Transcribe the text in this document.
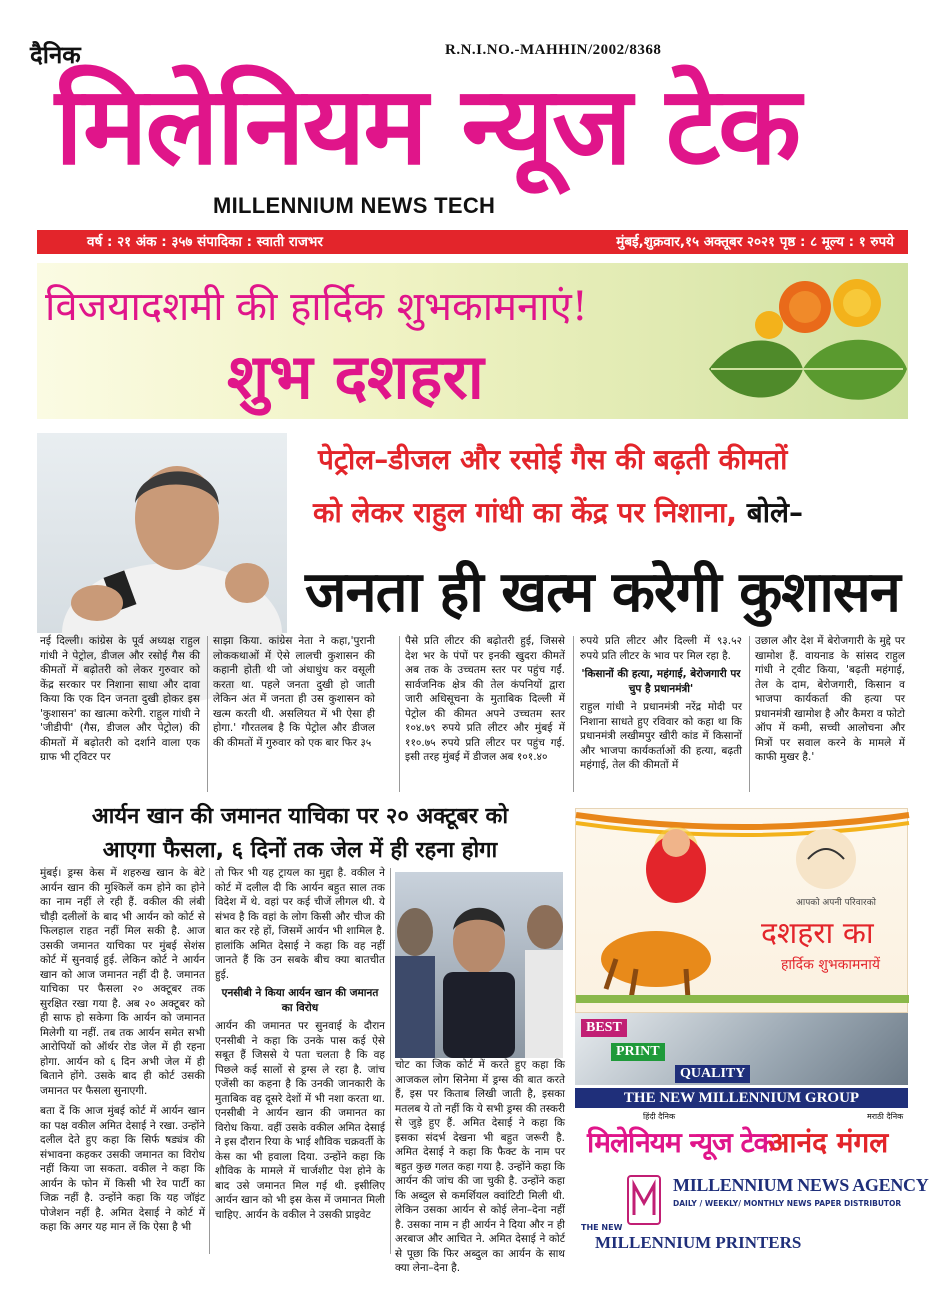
दैनिक	R.N.I.NO.-MAHHIN/2002/8368
मिलेनियम न्यूज टेक
MILLENNIUM NEWS TECH
वर्ष : २१ अंक : ३५७ संपादिका : स्वाती राजभर	मुंबई,शुक्रवार,१५ अक्तूबर २०२१ पृष्ठ : ८ मूल्य : १ रुपये
विजयादशमी की हार्दिक शुभकामनाएं!
शुभ दशहरा
पेट्रोल–डीजल और रसोई गैस की बढ़ती कीमतों
को लेकर राहुल गांधी का केंद्र पर निशाना, बोले–
जनता ही खत्म करेगी कुशासन

नई दिल्ली। कांग्रेस के पूर्व अध्यक्ष राहुल गांधी ने पेट्रोल, डीजल और रसोई गैस की कीमतों में बढ़ोतरी को लेकर गुरुवार को केंद्र सरकार पर निशाना साधा और दावा किया कि एक दिन जनता दुखी होकर इस 'कुशासन' का खात्मा करेगी. राहुल गांधी ने 'जीडीपी' (गैस, डीजल और पेट्रोल) की कीमतों में बढ़ोतरी को दर्शाने वाला एक ग्राफ भी ट्विटर पर

साझा किया. कांग्रेस नेता ने कहा,'पुरानी लोककथाओं में ऐसे लालची कुशासन की कहानी होती थी जो अंधाधुंध कर वसूली करता था. पहले जनता दुखी हो जाती लेकिन अंत में जनता ही उस कुशासन को खत्म करती थी. असलियत में भी ऐसा ही होगा.' गौरतलब है कि पेट्रोल और डीजल की कीमतों में गुरुवार को एक बार फिर ३५

पैसे प्रति लीटर की बढ़ोतरी हुई, जिससे देश भर के पंपों पर इनकी खुदरा कीमतें अब तक के उच्चतम स्तर पर पहुंच गईं. सार्वजनिक क्षेत्र की तेल कंपनियों द्वारा जारी अधिसूचना के मुताबिक दिल्ली में पेट्रोल की कीमत अपने उच्चतम स्तर १०४.७९ रुपये प्रति लीटर और मुंबई में ११०.७५ रुपये प्रति लीटर पर पहुंच गई. इसी तरह मुंबई में डीजल अब १०१.४०

रुपये प्रति लीटर और दिल्ली में ९३.५२ रुपये प्रति लीटर के भाव पर मिल रहा है.

'किसानों की हत्या, महंगाई, बेरोजगारी पर चुप है प्रधानमंत्री'

राहुल गांधी ने प्रधानमंत्री नरेंद्र मोदी पर निशाना साधते हुए रविवार को कहा था कि प्रधानमंत्री लखीमपुर खीरी कांड में किसानों और भाजपा कार्यकर्ताओं की हत्या, बढ़ती महंगाई, तेल की कीमतों में

उछाल और देश में बेरोजगारी के मुद्दे पर खामोश हैं. वायनाड के सांसद राहुल गांधी ने ट्वीट किया, 'बढ़ती महंगाई, तेल के दाम, बेरोजगारी, किसान व भाजपा कार्यकर्ता की हत्या पर प्रधानमंत्री खामोश है और कैमरा व फोटो ऑप में कमी, सच्ची आलोचना और मित्रों पर सवाल करने के मामले में काफी मुखर है.'

आर्यन खान की जमानत याचिका पर २० अक्टूबर को
आएगा फैसला, ६ दिनों तक जेल में ही रहना होगा

मुंबई। ड्रग्स केस में शहरुख खान के बेटे आर्यन खान की मुश्किलें कम होने का होने का नाम नहीं ले रही हैं. वकील की लंबी चौड़ी दलीलों के बाद भी आर्यन को कोर्ट से फिलहाल राहत नहीं मिल सकी है. आज उसकी जमानत याचिका पर मुंबई सेशंस कोर्ट में सुनवाई हुई. लेकिन कोर्ट ने आर्यन खान को आज जमानत नहीं दी है. जमानत याचिका पर फैसला २० अक्टूबर तक सुरक्षित रखा गया है. अब २० अक्टूबर को ही साफ हो सकेगा कि आर्यन को जमानत मिलेगी या नहीं. तब तक आर्यन समेत सभी आरोपियों को ऑर्थर रोड जेल में ही रहना होगा. आर्यन को ६ दिन अभी जेल में ही बिताने होंगे. उसके बाद ही कोर्ट उसकी जमानत पर फैसला सुनाएगी.

बता दें कि आज मुंबई कोर्ट में आर्यन खान का पक्ष वकील अमित देसाई ने रखा. उन्होंने दलील देते हुए कहा कि सिर्फ षड्यंत्र की संभावना कहकर उसकी जमानत का विरोध नहीं किया जा सकता. वकील ने कहा कि आर्यन के फोन में किसी भी रेव पार्टी का जिक्र नहीं है. उन्होंने कहा कि यह जॉइंट पोजेशन नहीं है. अमित देसाई ने कोर्ट में कहा कि अगर यह मान लें कि ऐसा है भी

तो फिर भी यह ट्रायल का मुद्दा है. वकील ने कोर्ट में दलील दी कि आर्यन बहुत साल तक विदेश में थे. वहां पर कई चीजें लीगल थी. ये संभव है कि वहां के लोग किसी और चीज की बात कर रहे हों, जिसमें आर्यन भी शामिल है. हालांकि अमित देसाई ने कहा कि वह नहीं जानते हैं कि उन सबके बीच क्या बातचीत हुई.

एनसीबी ने किया आर्यन खान की जमानत का विरोध

आर्यन की जमानत पर सुनवाई के दौरान एनसीबी ने कहा कि उनके पास कई ऐसे सबूत हैं जिससे ये पता चलता है कि वह पिछले कई सालों से ड्रग्स ले रहा है. जांच एजेंसी का कहना है कि उनकी जानकारी के मुताबिक वह दूसरे देशों में भी नशा करता था. एनसीबी ने आर्यन खान की जमानत का विरोध किया. वहीं उसके वकील अमित देसाई ने इस दौरान रिया के भाई शौविक चक्रवर्ती के केस का भी हवाला दिया. उन्होंने कहा कि शौविक के मामले में चार्जशीट पेश होने के बाद उसे जमानत मिल गई थी. इसीलिए आर्यन खान को भी इस केस में जमानत मिली चाहिए. आर्यन के वकील ने उसकी प्राइवेट

चोट का जिक कोर्ट में करते हुए कहा कि आजकल लोग सिनेमा में ड्रग्स की बात करते हैं, इस पर किताब लिखी जाती है, इसका मतलब ये तो नहीं कि ये सभी ड्रग्स की तस्करी से जुड़े हुए हैं. अमित देसाई ने कहा कि इसका संदर्भ देखना भी बहुत जरूरी है. अमित देसाई ने कहा कि फैक्ट के नाम पर बहुत कुछ गलत कहा गया है. उन्होंने कहा कि आर्यन की जांच की जा चुकी है. उन्होंने कहा कि अब्दुल से कमर्शियल क्वांटिटी मिली थी. लेकिन उसका आर्यन से कोई लेना–देना नहीं है. उसका नाम न ही आर्यन ने दिया और न ही अरबाज और आचित ने. अमित देसाई ने कोर्ट से पूछा कि फिर अब्दुल का आर्यन के साथ क्या लेना–देना है.

आपको अपनी परिवारको
दशहरा का
हार्दिक शुभकामनायें
BEST
PRINT
QUALITY
THE NEW MILLENNIUM GROUP
हिंदी दैनिक	मराठी दैनिक
मिलेनियम न्यूज टेक
आनंद मंगल
MILLENNIUM NEWS AGENCY
DAILY / WEEKLY/ MONTHLY NEWS PAPER DISTRIBUTOR
THE NEW
MILLENNIUM PRINTERS
